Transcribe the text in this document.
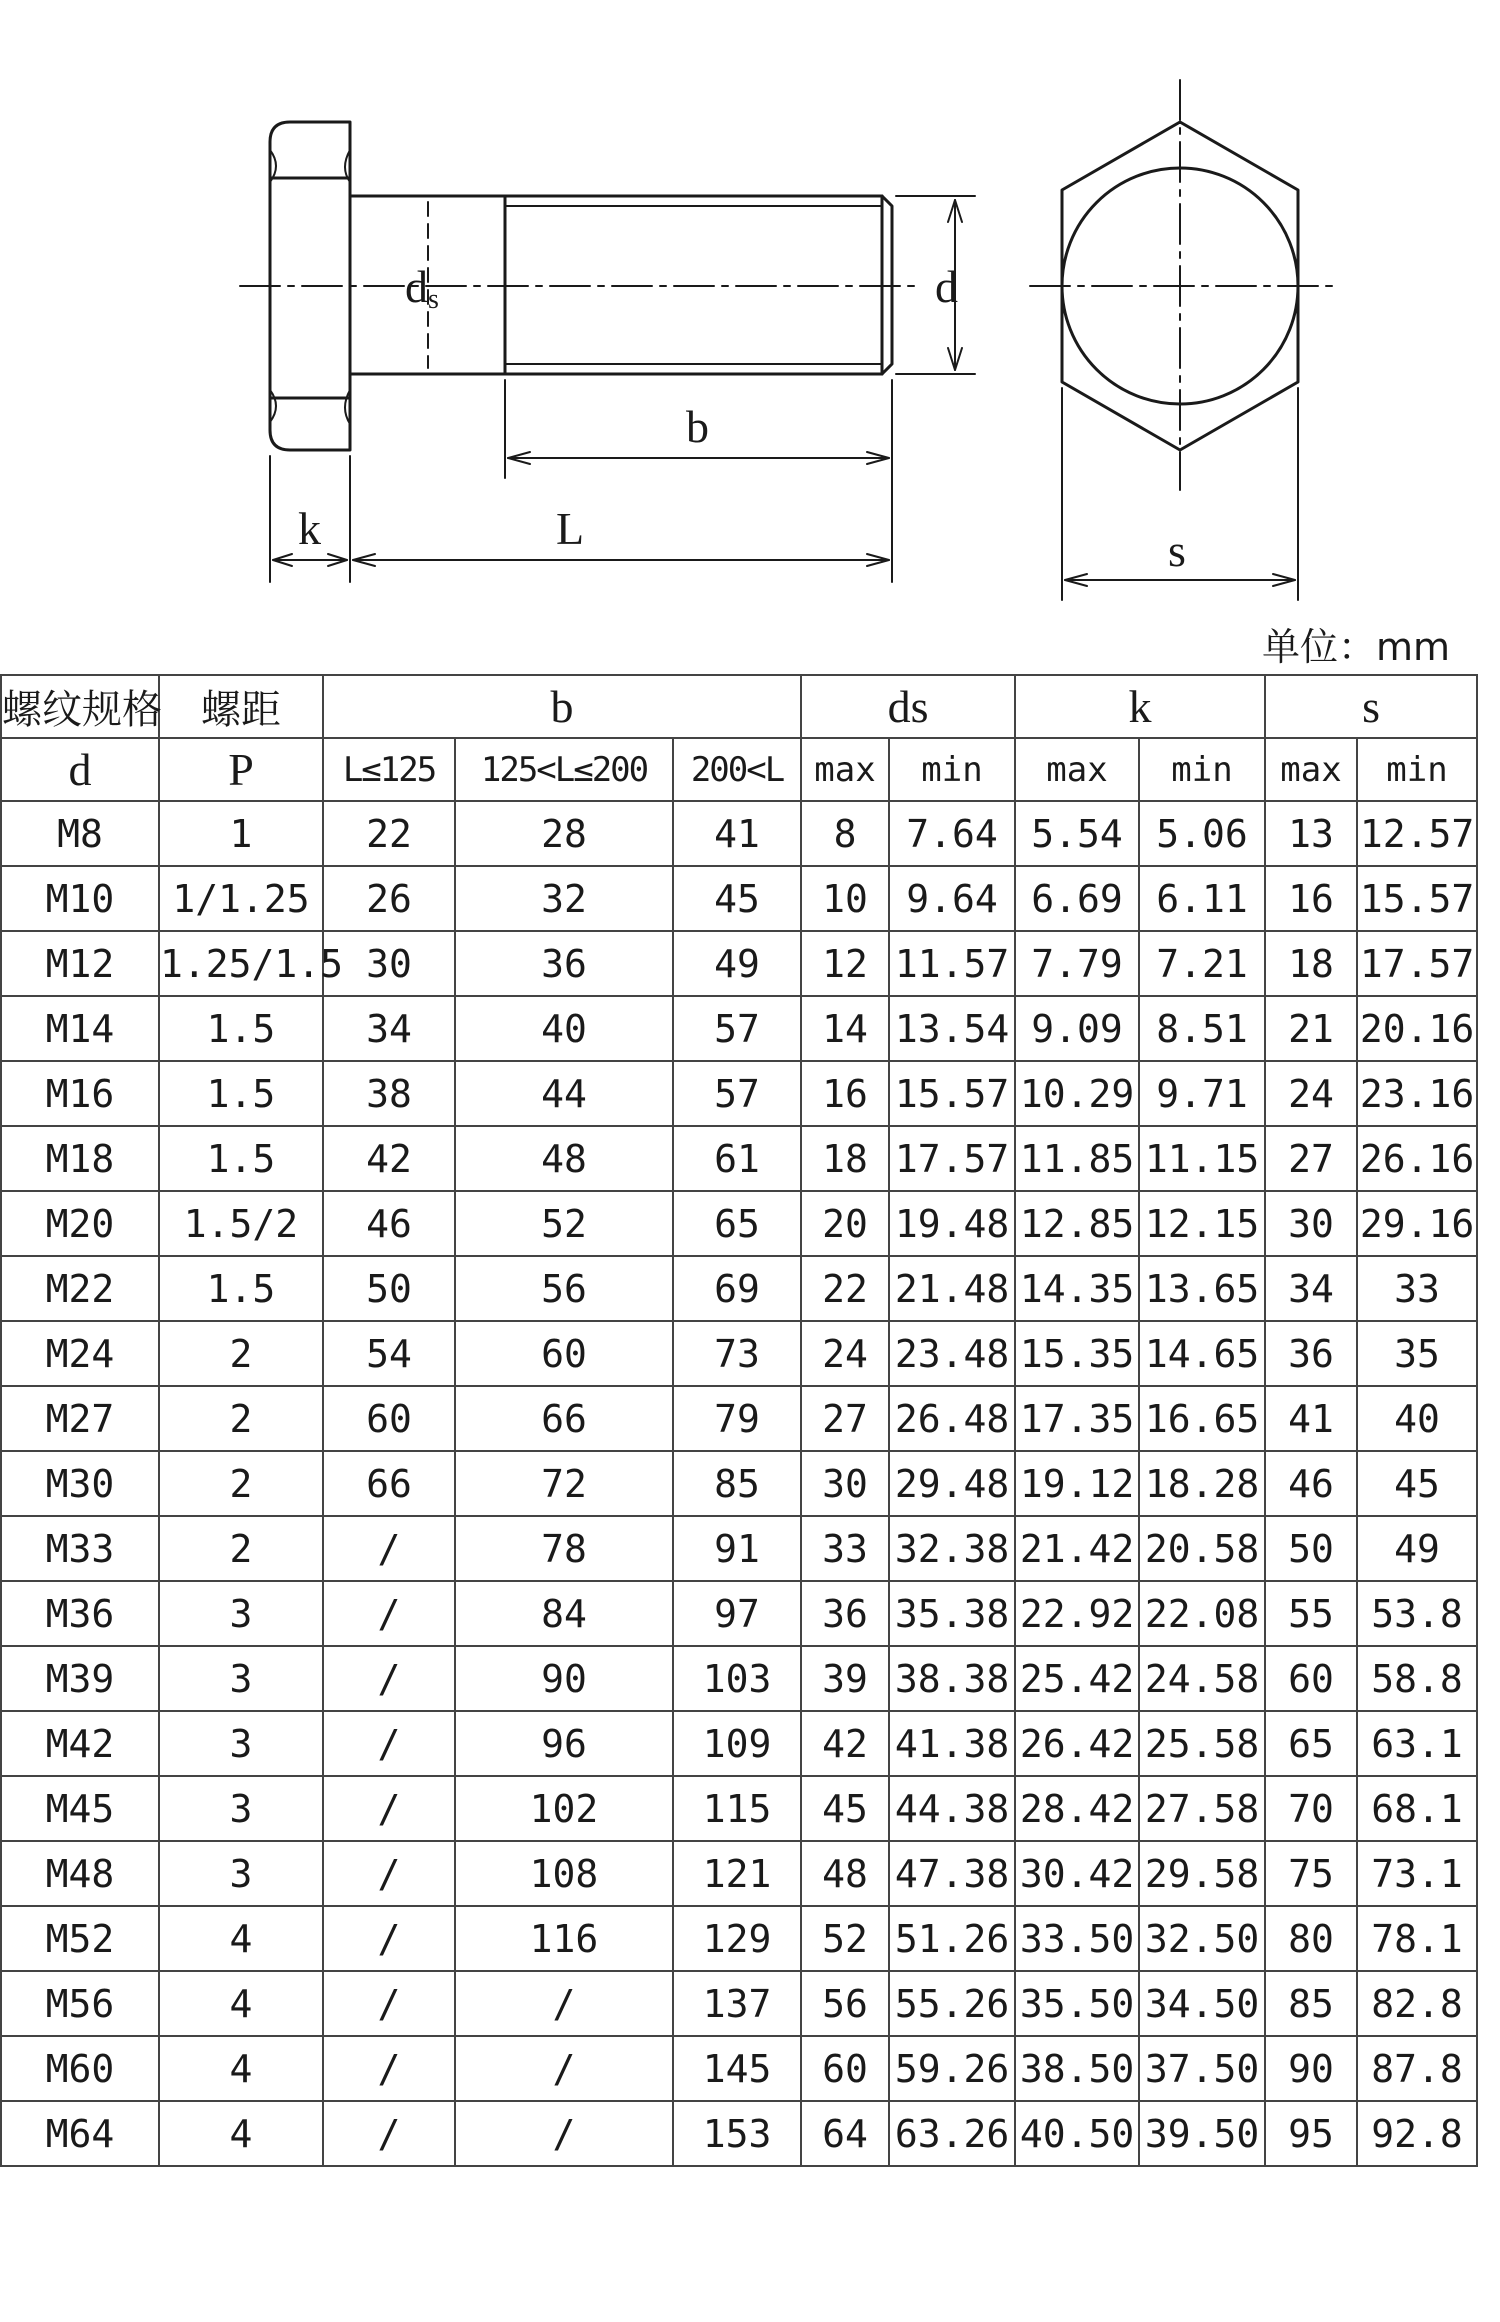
ds	d
b
k	L	s
单位：mm
螺纹规格	螺距	b			ds		k		s	
d	P	L≤125	125<L≤200	200<L	max	min	max	min	max	min
M8	1	22	28	41	8	7.64	5.54	5.06	13	12.57
M10	1/1.25	26	32	45	10	9.64	6.69	6.11	16	15.57
M12	1.25/1.5	30	36	49	12	11.57	7.79	7.21	18	17.57
M14	1.5	34	40	57	14	13.54	9.09	8.51	21	20.16
M16	1.5	38	44	57	16	15.57	10.29	9.71	24	23.16
M18	1.5	42	48	61	18	17.57	11.85	11.15	27	26.16
M20	1.5/2	46	52	65	20	19.48	12.85	12.15	30	29.16
M22	1.5	50	56	69	22	21.48	14.35	13.65	34	33
M24	2	54	60	73	24	23.48	15.35	14.65	36	35
M27	2	60	66	79	27	26.48	17.35	16.65	41	40
M30	2	66	72	85	30	29.48	19.12	18.28	46	45
M33	2	/	78	91	33	32.38	21.42	20.58	50	49
M36	3	/	84	97	36	35.38	22.92	22.08	55	53.8
M39	3	/	90	103	39	38.38	25.42	24.58	60	58.8
M42	3	/	96	109	42	41.38	26.42	25.58	65	63.1
M45	3	/	102	115	45	44.38	28.42	27.58	70	68.1
M48	3	/	108	121	48	47.38	30.42	29.58	75	73.1
M52	4	/	116	129	52	51.26	33.50	32.50	80	78.1
M56	4	/	/	137	56	55.26	35.50	34.50	85	82.8
M60	4	/	/	145	60	59.26	38.50	37.50	90	87.8
M64	4	/	/	153	64	63.26	40.50	39.50	95	92.8
